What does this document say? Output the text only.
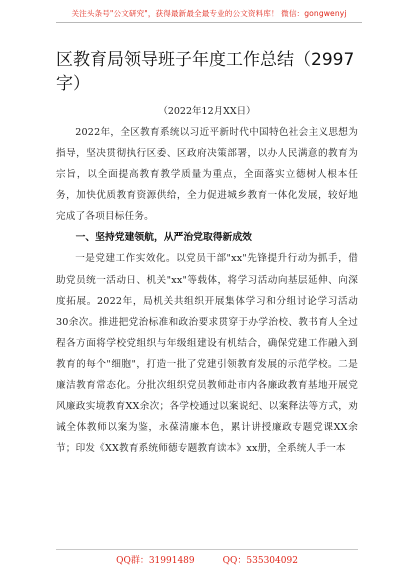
关注头条号"公文研究"，获得最新最全最专业的公文资料库！ 微信：gongwenyj
区教育局领导班子年度工作总结（2997字）
（2022年12月XX日）

2022年，全区教育系统以习近平新时代中国特色社会主义思想为指导，坚决贯彻执行区委、区政府决策部署，以办人民满意的教育为宗旨，以全面提高教育教学质量为重点，全面落实立德树人根本任务，加快优质教育资源供给，全力促进城乡教育一体化发展，较好地完成了各项目标任务。

一、坚持党建领航，从严治党取得新成效

一是党建工作实效化。以党员干部"xx"先锋提升行动为抓手，借助党员统一活动日、机关"xx"等载体，将学习活动向基层延伸、向深度拓展。2022年，局机关共组织开展集体学习和分组讨论学习活动30余次。推进把党治标准和政治要求贯穿于办学治校、教书育人全过程各方面将学校党组织与年级组建设有机结合，确保党建工作融入到教育的每个"细胞"，打造一批了党建引领教育发展的示范学校。二是廉洁教育常态化。分批次组织党员教师赴市内各廉政教育基地开展党风廉政实境教育XX余次；各学校通过以案说纪、以案释法等方式，劝诫全体教师以案为鉴，永葆清廉本色，累计讲授廉政专题党课XX余节；印发《XX教育系统师德专题教育读本》xx册，全系统人手一本

QQ群：31991489	QQ：535304092
